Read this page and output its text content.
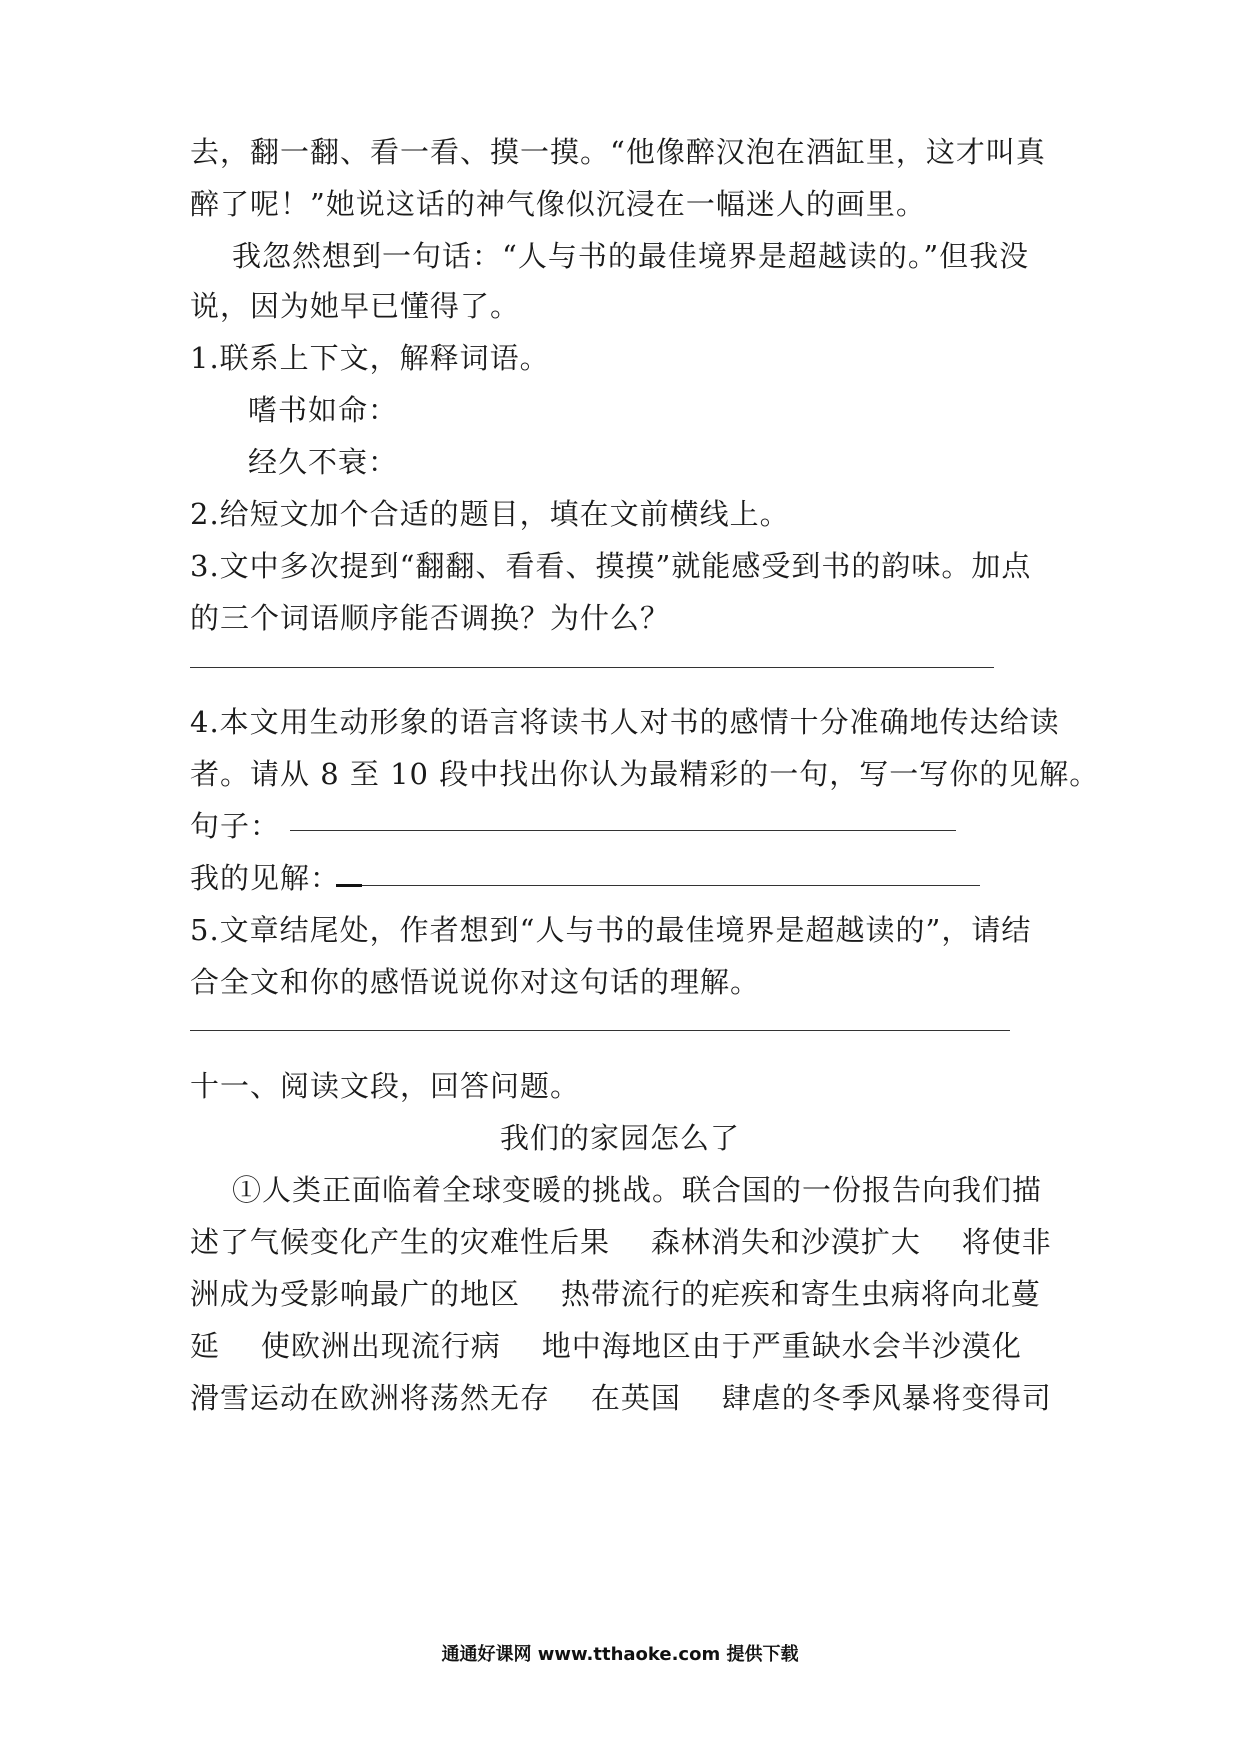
去，翻一翻、看一看、摸一摸。“他像醉汉泡在酒缸里，这才叫真
醉了呢！”她说这话的神气像似沉浸在一幅迷人的画里。
我忽然想到一句话：“人与书的最佳境界是超越读的。”但我没
说，因为她早已懂得了。
1.联系上下文，解释词语。
嗜书如命：
经久不衰：
2.给短文加个合适的题目，填在文前横线上。
3.文中多次提到“翻翻、看看、摸摸”就能感受到书的韵味。加点
的三个词语顺序能否调换？为什么？
4.本文用生动形象的语言将读书人对书的感情十分准确地传达给读
者。请从 8 至 10 段中找出你认为最精彩的一句，写一写你的见解。
句子：
我的见解：
5.文章结尾处，作者想到“人与书的最佳境界是超越读的”，请结
合全文和你的感悟说说你对这句话的理解。
十一、阅读文段，回答问题。
我们的家园怎么了
①人类正面临着全球变暖的挑战。联合国的一份报告向我们描
述了气候变化产生的灾难性后果    森林消失和沙漠扩大    将使非
洲成为受影响最广的地区    热带流行的疟疾和寄生虫病将向北蔓
延    使欧洲出现流行病    地中海地区由于严重缺水会半沙漠化
滑雪运动在欧洲将荡然无存    在英国    肆虐的冬季风暴将变得司
通通好课网 www.tthaoke.com 提供下载
